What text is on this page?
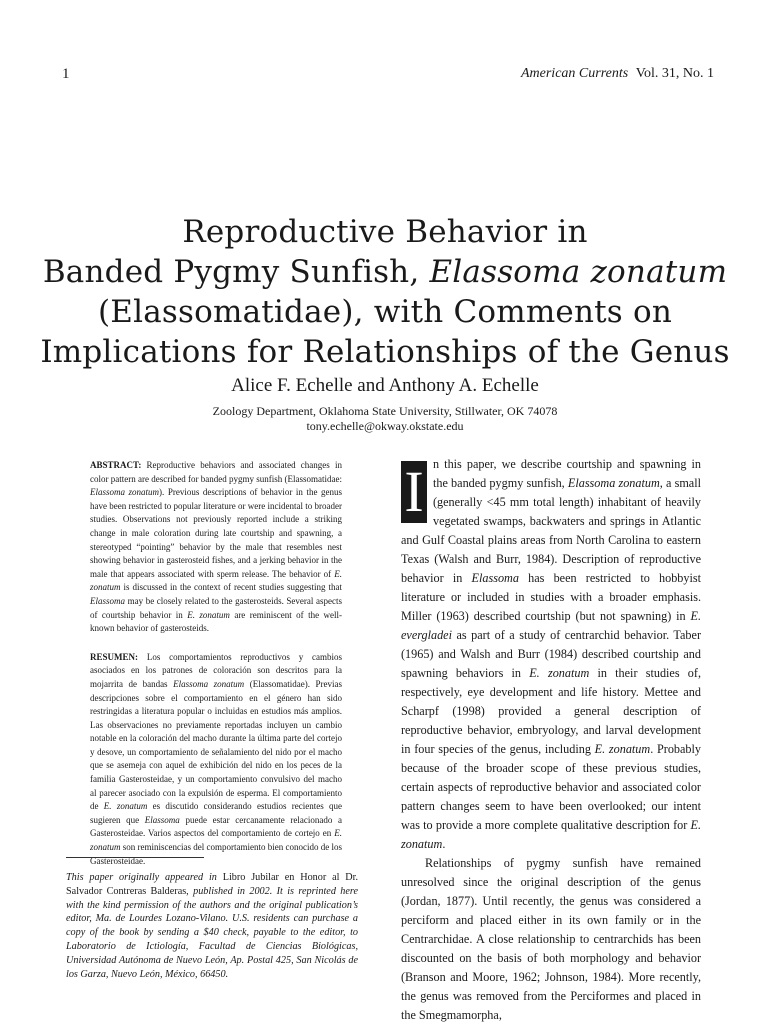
1	American Currents Vol. 31, No. 1
Reproductive Behavior in
Banded Pygmy Sunfish, Elassoma zonatum
(Elassomatidae), with Comments on
Implications for Relationships of the Genus
Alice F. Echelle and Anthony A. Echelle
Zoology Department, Oklahoma State University, Stillwater, OK 74078
tony.echelle@okway.okstate.edu

ABSTRACT: Reproductive behaviors and associated changes in color pattern are described for banded pygmy sunfish (Elassomatidae: Elassoma zonatum). Previous descriptions of behavior in the genus have been restricted to popular literature or were incidental to broader studies. Observations not previously reported include a striking change in male coloration during late courtship and spawning, a stereotyped “pointing” behavior by the male that resembles nest showing behavior in gasterosteid fishes, and a jerking behavior in the male that appears associated with sperm release. The behavior of E. zonatum is discussed in the context of recent studies suggesting that Elassoma may be closely related to the gasterosteids. Several aspects of courtship behavior in E. zonatum are reminiscent of the well-known behavior of gasterosteids.

RESUMEN: Los comportamientos reproductivos y cambios asociados en los patrones de coloración son descritos para la mojarrita de bandas Elassoma zonatum (Elassomatidae). Previas descripciones sobre el comportamiento en el género han sido restringidas a literatura popular o incluidas en estudios más amplios. Las observaciones no previamente reportadas incluyen un cambio notable en la coloración del macho durante la última parte del cortejo y desove, un comportamiento de señalamiento del nido por el macho que se asemeja con aquel de exhibición del nido en los peces de la familia Gasterosteidae, y un comportamiento convulsivo del macho al parecer asociado con la expulsión de esperma. El comportamiento de E. zonatum es discutido considerando estudios recientes que sugieren que Elassoma puede estar cercanamente relacionado a Gasterosteidae. Varios aspectos del comportamiento de cortejo en E. zonatum son reminiscencias del comportamiento bien conocido de los Gasterosteidae.

This paper originally appeared in Libro Jubilar en Honor al Dr. Salvador Contreras Balderas, published in 2002. It is reprinted here with the kind permission of the authors and the original publication’s editor, Ma. de Lourdes Lozano-Vilano. U.S. residents can purchase a copy of the book by sending a $40 check, payable to the editor, to Laboratorio de Ictiología, Facultad de Ciencias Biológicas, Universidad Autónoma de Nuevo León, Ap. Postal 425, San Nicolás de los Garza, Nuevo León, México, 66450.

I n this paper, we describe courtship and spawning in the banded pygmy sunfish, Elassoma zonatum, a small (generally <45 mm total length) inhabitant of heavily vegetated swamps, backwaters and springs in Atlantic and Gulf Coastal plains areas from North Carolina to eastern Texas (Walsh and Burr, 1984). Description of reproductive behavior in Elassoma has been restricted to hobbyist literature or included in studies with a broader emphasis. Miller (1963) described courtship (but not spawning) in E. evergladei as part of a study of centrarchid behavior. Taber (1965) and Walsh and Burr (1984) described courtship and spawning behaviors in E. zonatum in their studies of, respectively, eye development and life history. Mettee and Scharpf (1998) provided a general description of reproductive behavior, embryology, and larval development in four species of the genus, including E. zonatum. Probably because of the broader scope of these previous studies, certain aspects of reproductive behavior and associated color pattern changes seem to have been overlooked; our intent was to provide a more complete qualitative description for E. zonatum.

Relationships of pygmy sunfish have remained unresolved since the original description of the genus (Jordan, 1877). Until recently, the genus was considered a perciform and placed either in its own family or in the Centrarchidae. A close relationship to centrarchids has been discounted on the basis of both morphology and behavior (Branson and Moore, 1962; Johnson, 1984). More recently, the genus was removed from the Perciformes and placed in the Smegmamorpha,
